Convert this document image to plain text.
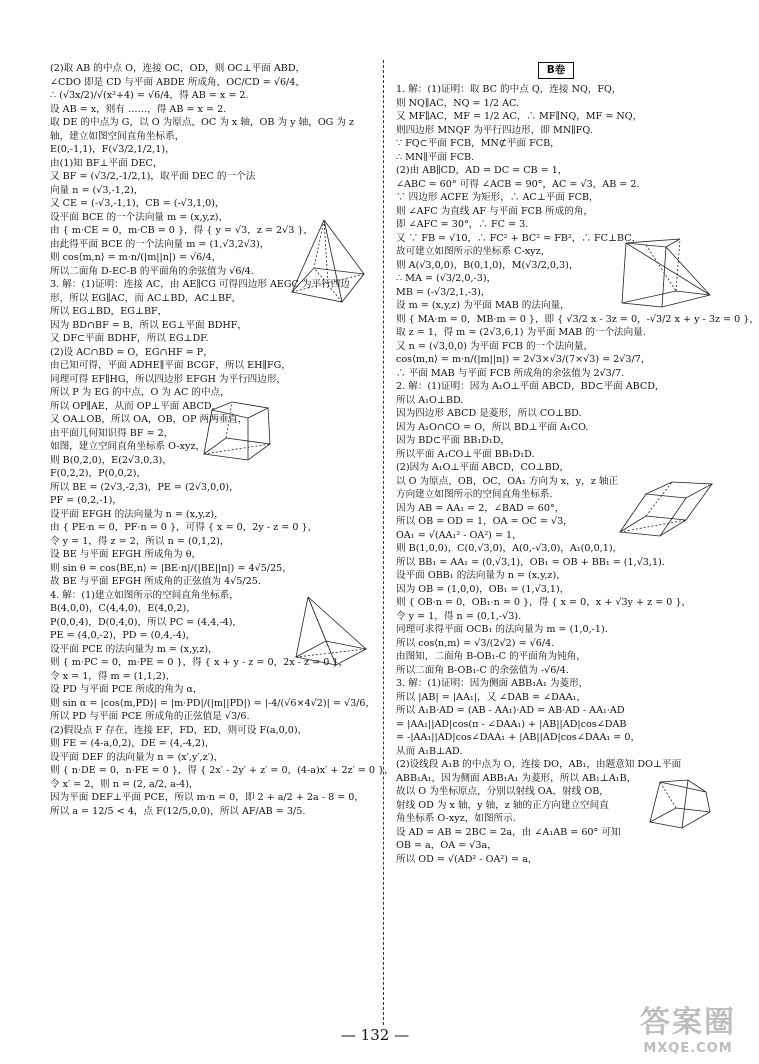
(2)取 AB 的中点 O，连接 OC，OD，则 OC⊥平面 ABD，
∠CDO 即是 CD 与平面 ABDE 所成角，OC/CD = √6/4，
∴ (√3x/2)/√(x²+4) = √6/4，得 AB = x = 2.
设 AB = x，则有 ……，得 AB = x = 2.
取 DE 的中点为 G，以 O 为原点，OC 为 x 轴，OB 为 y 轴，OG 为 z
轴，建立如图空间直角坐标系，
E(0,-1,1)，F(√3/2,1/2,1)，
由(1)知 BF⊥平面 DEC，
又 BF = (√3/2,-1/2,1)，取平面 DEC 的一个法
向量 n = (√3,-1,2)，
又 CE = (-√3,-1,1)，CB = (-√3,1,0)，
设平面 BCE 的一个法向量 m = (x,y,z)，
由 { m·CE = 0，m·CB = 0 }，得 { y = √3，z = 2√3 }，
由此得平面 BCE 的一个法向量 m = (1,√3,2√3)，
则 cos⟨m,n⟩ = m·n/(|m||n|) = √6/4，
所以二面角 D-EC-B 的平面角的余弦值为 √6/4.
3. 解：(1)证明：连接 AC，由 AE∥CG 可得四边形 AEGC 为平行四边
形，所以 EG∥AC，而 AC⊥BD，AC⊥BF，
所以 EG⊥BD，EG⊥BF，
因为 BD∩BF = B，所以 EG⊥平面 BDHF，
又 DF⊂平面 BDHF，所以 EG⊥DF.
(2)设 AC∩BD = O，EG∩HF = P，
由已知可得，平面 ADHE∥平面 BCGF，所以 EH∥FG，
同理可得 EF∥HG，所以四边形 EFGH 为平行四边形，
所以 P 为 EG 的中点，O 为 AC 的中点，
所以 OP∥AE，从而 OP⊥平面 ABCD，
又 OA⊥OB，所以 OA，OB，OP 两两垂直，
由平面几何知识得 BF = 2，
如图，建立空间直角坐标系 O-xyz，
则 B(0,2,0)，E(2√3,0,3)，
F(0,2,2)，P(0,0,2)，
所以 BE = (2√3,-2,3)，PE = (2√3,0,0)，
PF = (0,2,-1)，
设平面 EFGH 的法向量为 n = (x,y,z)，
由 { PE·n = 0，PF·n = 0 }，可得 { x = 0，2y - z = 0 }，
令 y = 1，得 z = 2，所以 n = (0,1,2)，
设 BE 与平面 EFGH 所成角为 θ，
则 sin θ = cos⟨BE,n⟩ = |BE·n|/(|BE||n|) = 4√5/25，
故 BE 与平面 EFGH 所成角的正弦值为 4√5/25.
4. 解：(1)建立如图所示的空间直角坐标系，
B(4,0,0)，C(4,4,0)，E(4,0,2)，
P(0,0,4)，D(0,4,0)，所以 PC = (4,4,-4)，
PE = (4,0,-2)，PD = (0,4,-4)，
设平面 PCE 的法向量为 m = (x,y,z)，
则 { m·PC = 0，m·PE = 0 }，得 { x + y - z = 0，2x - z = 0 }，
令 x = 1，得 m = (1,1,2)，
设 PD 与平面 PCE 所成的角为 α，
则 sin α = |cos⟨m,PD⟩| = |m·PD|/(|m||PD|) = |-4/(√6×4√2)| = √3/6，
所以 PD 与平面 PCE 所成角的正弦值是 √3/6.
(2)假设点 F 存在，连接 EF，FD，ED，则可设 F(a,0,0)，
则 FE = (4-a,0,2)，DE = (4,-4,2)，
设平面 DEF 的法向量为 n = (x′,y′,z′)，
则 { n·DE = 0，n·FE = 0 }，得 { 2x′ - 2y′ + z′ = 0，(4-a)x′ + 2z′ = 0 }，
令 x′ = 2，则 n = (2, a/2, a-4)，
因为平面 DEF⊥平面 PCE，所以 m·n = 0，即 2 + a/2 + 2a - 8 = 0，
所以 a = 12/5 < 4，点 F(12/5,0,0)，所以 AF/AB = 3/5.
B卷
1. 解：(1)证明：取 BC 的中点 Q，连接 NQ，FQ，
则 NQ∥AC，NQ = 1/2 AC.
又 MF∥AC，MF = 1/2 AC，∴ MF∥NQ，MF = NQ，
则四边形 MNQF 为平行四边形，即 MN∥FQ.
∵ FQ⊂平面 FCB，MN⊄平面 FCB，
∴ MN∥平面 FCB.
(2)由 AB∥CD，AD = DC = CB = 1，
∠ABC = 60° 可得 ∠ACB = 90°，AC = √3，AB = 2.
∵ 四边形 ACFE 为矩形，∴ AC⊥平面 FCB，
则 ∠AFC 为直线 AF 与平面 FCB 所成的角，
即 ∠AFC = 30°，∴ FC = 3.
又 ∵ FB = √10，∴ FC² + BC² = FB²，∴ FC⊥BC，
故可建立如图所示的坐标系 C-xyz，
则 A(√3,0,0)，B(0,1,0)，M(√3/2,0,3)，
∴ MA = (√3/2,0,-3)，
MB = (-√3/2,1,-3)，
设 m = (x,y,z) 为平面 MAB 的法向量，
则 { MA·m = 0，MB·m = 0 }，即 { √3/2 x - 3z = 0，-√3/2 x + y - 3z = 0 }，
取 z = 1，得 m = (2√3,6,1) 为平面 MAB 的一个法向量.
又 n = (√3,0,0) 为平面 FCB 的一个法向量，
cos⟨m,n⟩ = m·n/(|m||n|) = 2√3×√3/(7×√3) = 2√3/7，
∴ 平面 MAB 与平面 FCB 所成角的余弦值为 2√3/7.
2. 解：(1)证明：因为 A₁O⊥平面 ABCD，BD⊂平面 ABCD，
所以 A₁O⊥BD.
因为四边形 ABCD 是菱形，所以 CO⊥BD.
因为 A₁O∩CO = O，所以 BD⊥平面 A₁CO.
因为 BD⊂平面 BB₁D₁D，
所以平面 A₁CO⊥平面 BB₁D₁D.
(2)因为 A₁O⊥平面 ABCD，CO⊥BD，
以 O 为原点，OB，OC，OA₁ 方向为 x，y，z 轴正
方向建立如图所示的空间直角坐标系.
因为 AB = AA₁ = 2，∠BAD = 60°，
所以 OB = OD = 1，OA = OC = √3，
OA₁ = √(AA₁² - OA²) = 1，
则 B(1,0,0)，C(0,√3,0)，A(0,-√3,0)，A₁(0,0,1)，
所以 BB₁ = AA₁ = (0,√3,1)，OB₁ = OB + BB₁ = (1,√3,1).
设平面 OBB₁ 的法向量为 n = (x,y,z)，
因为 OB = (1,0,0)，OB₁ = (1,√3,1)，
则 { OB·n = 0，OB₁·n = 0 }，得 { x = 0，x + √3y + z = 0 }，
令 y = 1，得 n = (0,1,-√3).
同理可求得平面 OCB₁ 的法向量为 m = (1,0,-1).
所以 cos⟨n,m⟩ = √3/(2√2) = √6/4.
由图知，二面角 B-OB₁-C 的平面角为钝角，
所以二面角 B-OB₁-C 的余弦值为 -√6/4.
3. 解：(1)证明：因为侧面 ABB₁A₁ 为菱形，
所以 |AB| = |AA₁|，又 ∠DAB = ∠DAA₁，
所以 A₁B·AD = (AB - AA₁)·AD = AB·AD - AA₁·AD
= |AA₁||AD|cos(π - ∠DAA₁) + |AB||AD|cos∠DAB
= -|AA₁||AD|cos∠DAA₁ + |AB||AD|cos∠DAA₁ = 0，
从而 A₁B⊥AD.
(2)设线段 A₁B 的中点为 O，连接 DO，AB₁，由题意知 DO⊥平面
ABB₁A₁，因为侧面 ABB₁A₁ 为菱形，所以 AB₁⊥A₁B，
故以 O 为坐标原点，分别以射线 OA，射线 OB，
射线 OD 为 x 轴，y 轴，z 轴的正方向建立空间直
角坐标系 O-xyz，如图所示.
设 AD = AB = 2BC = 2a，由 ∠A₁AB = 60° 可知
OB = a，OA = √3a，
所以 OD = √(AD² - OA²) = a，
— 132 —	答案圈
MXQE.COM
